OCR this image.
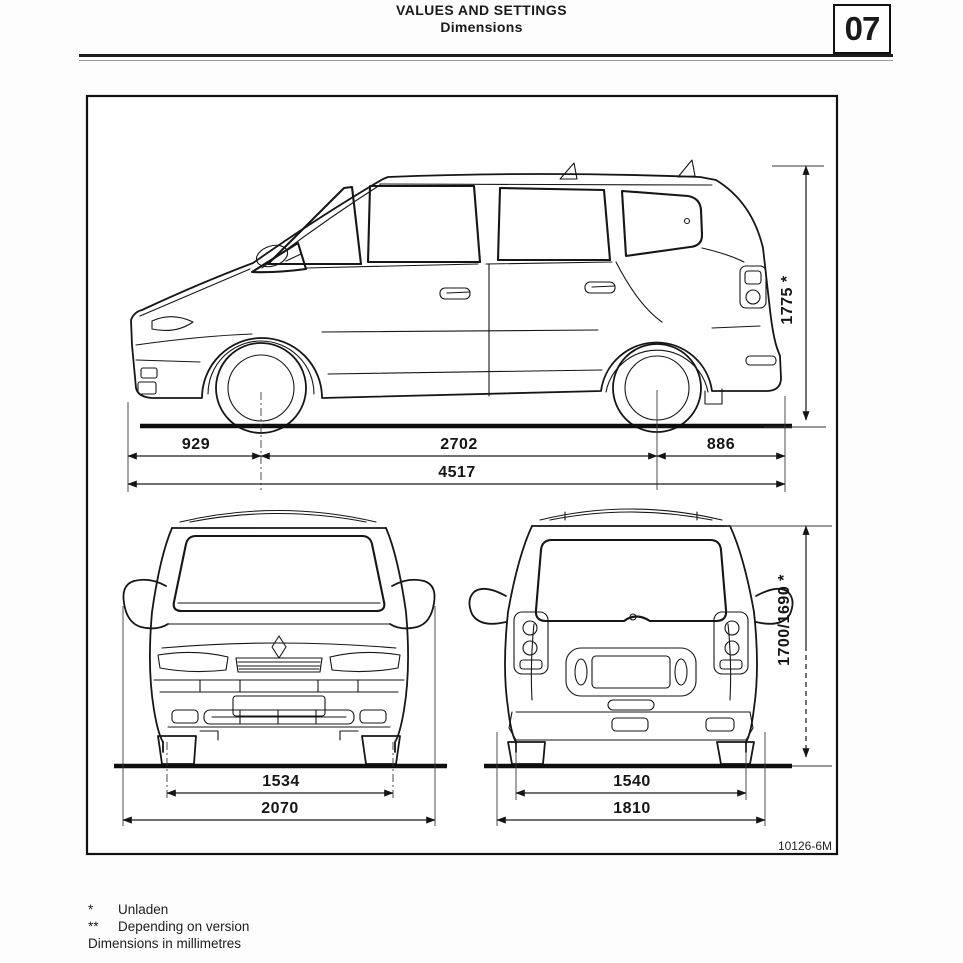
VALUES AND SETTINGS
Dimensions	07
929	2702	886
4517
1775 *
1534
2070
1540
1810
1700/1690 *
10126-6M
*	Unladen
**	Depending on version
Dimensions in millimetres
